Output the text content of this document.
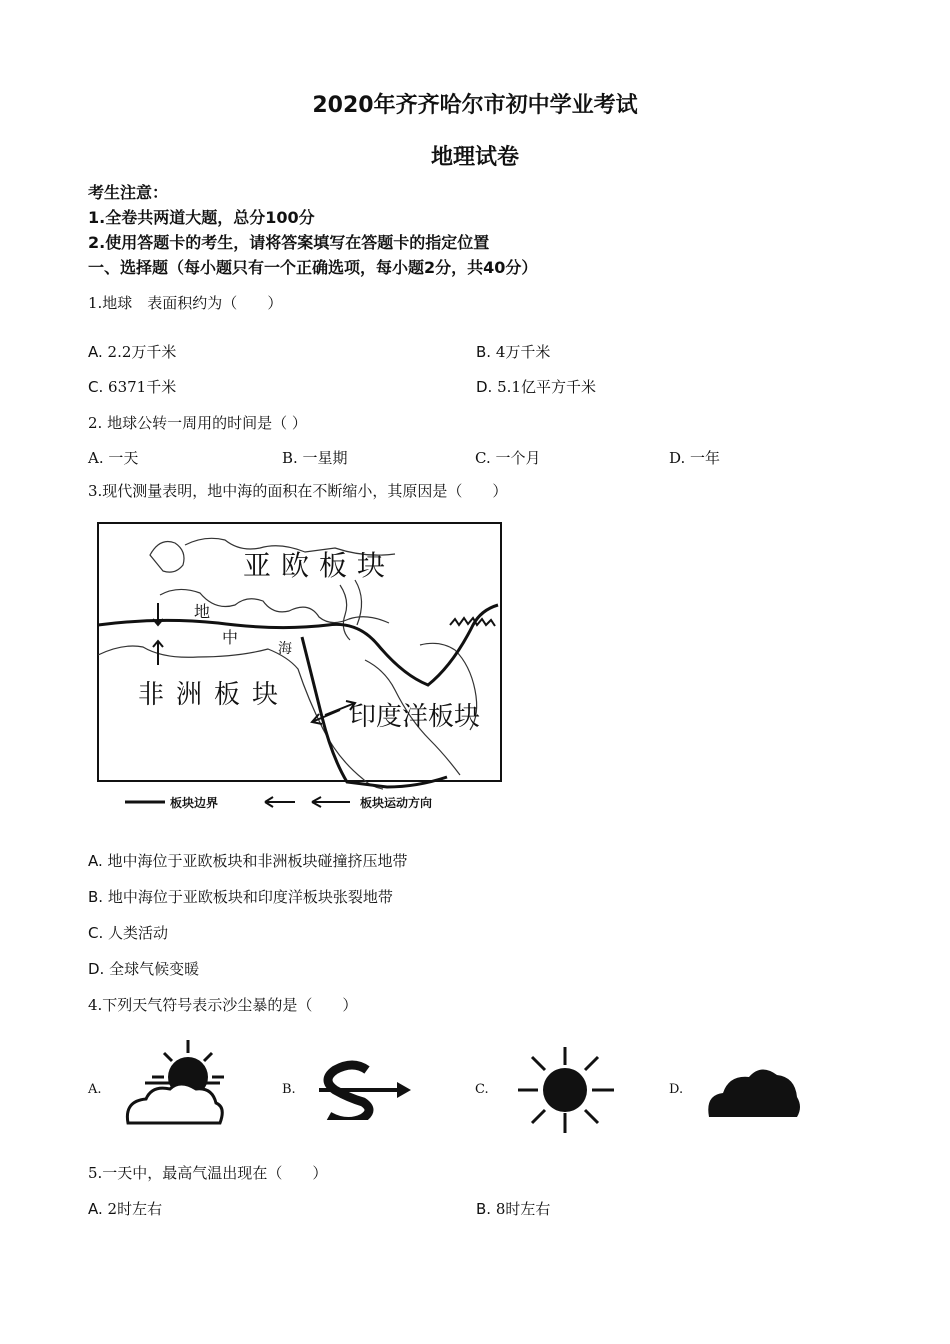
2020年齐齐哈尔市初中学业考试
地理试卷
考生注意：
1.全卷共两道大题，总分100分
2.使用答题卡的考生，请将答案填写在答题卡的指定位置
一、选择题（每小题只有一个正确选项，每小题2分，共40分）
1.地球　表面积约为（　　）
A. 2.2万千米	B. 4万千米
C. 6371千米	D. 5.1亿平方千米
2. 地球公转一周用的时间是（ ）
A. 一天	B. 一星期	C. 一个月	D. 一年
3.现代测量表明，地中海的面积在不断缩小，其原因是（　　）
亚欧板块
非洲板块
印度洋板块
地
中
海
板块边界	板块运动方向
A. 地中海位于亚欧板块和非洲板块碰撞挤压地带
B. 地中海位于亚欧板块和印度洋板块张裂地带
C. 人类活动
D. 全球气候变暖
4.下列天气符号表示沙尘暴的是（　　）
A.	B.	C.	D.
5.一天中，最高气温出现在（　　）
A. 2时左右	B. 8时左右
